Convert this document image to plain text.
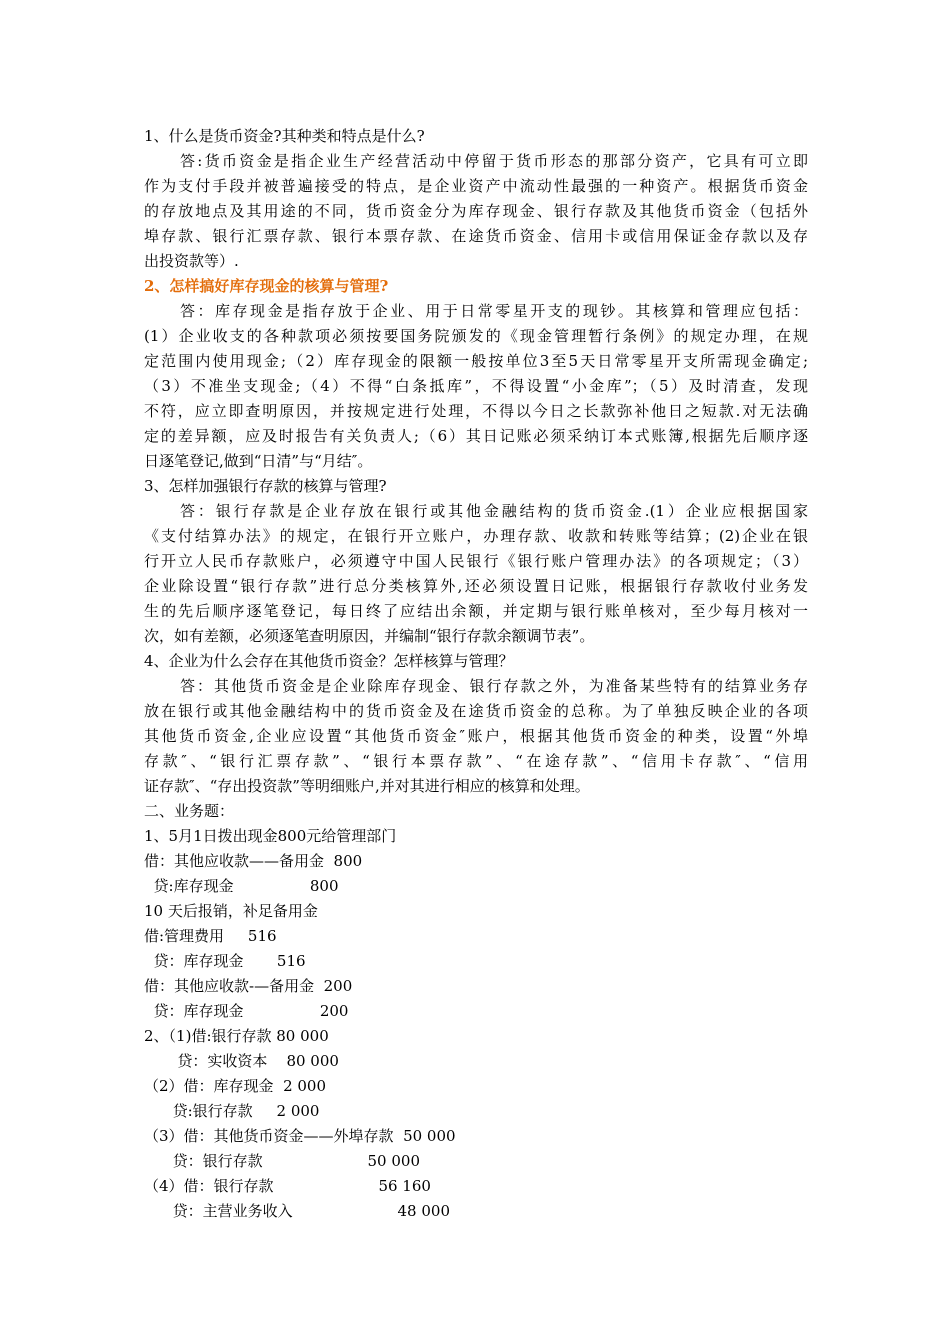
1、什么是货币资金?其种类和特点是什么?
答:货币资金是指企业生产经营活动中停留于货币形态的那部分资产，它具有可立即
作为支付手段并被普遍接受的特点，是企业资产中流动性最强的一种资产。根据货币资金
的存放地点及其用途的不同，货币资金分为库存现金、银行存款及其他货币资金（包括外
埠存款、银行汇票存款、银行本票存款、在途货币资金、信用卡或信用保证金存款以及存
出投资款等）.
2、怎样搞好库存现金的核算与管理?
答：库存现金是指存放于企业、用于日常零星开支的现钞。其核算和管理应包括：
(1）企业收支的各种款项必须按要国务院颁发的《现金管理暂行条例》的规定办理，在规
定范围内使用现金;（2）库存现金的限额一般按单位3至5天日常零星开支所需现金确定;
（3）不准坐支现金;（4）不得“白条抵库”，不得设置“小金库”；（5）及时清查，发现
不符，应立即查明原因，并按规定进行处理，不得以今日之长款弥补他日之短款.对无法确
定的差异额，应及时报告有关负责人;（6）其日记账必须采纳订本式账簿,根据先后顺序逐
日逐笔登记,做到“日清”与“月结″。
3、怎样加强银行存款的核算与管理?
答：银行存款是企业存放在银行或其他金融结构的货币资金.(1）企业应根据国家
《支付结算办法》的规定，在银行开立账户，办理存款、收款和转账等结算；(2)企业在银
行开立人民币存款账户，必须遵守中国人民银行《银行账户管理办法》的各项规定；（3）
企业除设置“银行存款”进行总分类核算外,还必须设置日记账，根据银行存款收付业务发
生的先后顺序逐笔登记，每日终了应结出余额，并定期与银行账单核对，至少每月核对一
次，如有差额，必须逐笔查明原因，并编制“银行存款余额调节表”。
4、企业为什么会存在其他货币资金？怎样核算与管理？
答：其他货币资金是企业除库存现金、银行存款之外，为准备某些特有的结算业务存
放在银行或其他金融结构中的货币资金及在途货币资金的总称。为了单独反映企业的各项
其他货币资金,企业应设置“其他货币资金″账户，根据其他货币资金的种类，设置“外埠
存款″、“银行汇票存款”、“银行本票存款”、“在途存款”、“信用卡存款″、“信用
证存款″、“存出投资款”等明细账户,并对其进行相应的核算和处理。
二、业务题：
1、5月1日拨出现金800元给管理部门
借：其他应收款——备用金  800
贷:库存现金                800
10 天后报销，补足备用金
借:管理费用     516
贷：库存现金       516
借：其他应收款-—备用金  200
贷：库存现金                200
2、（1)借:银行存款 80 000
贷：实收资本    80 000
（2）借：库存现金  2 000
贷:银行存款     2 000
（3）借：其他货币资金——外埠存款  50 000
贷：银行存款                      50 000
（4）借：银行存款                      56 160
贷：主营业务收入                      48 000
